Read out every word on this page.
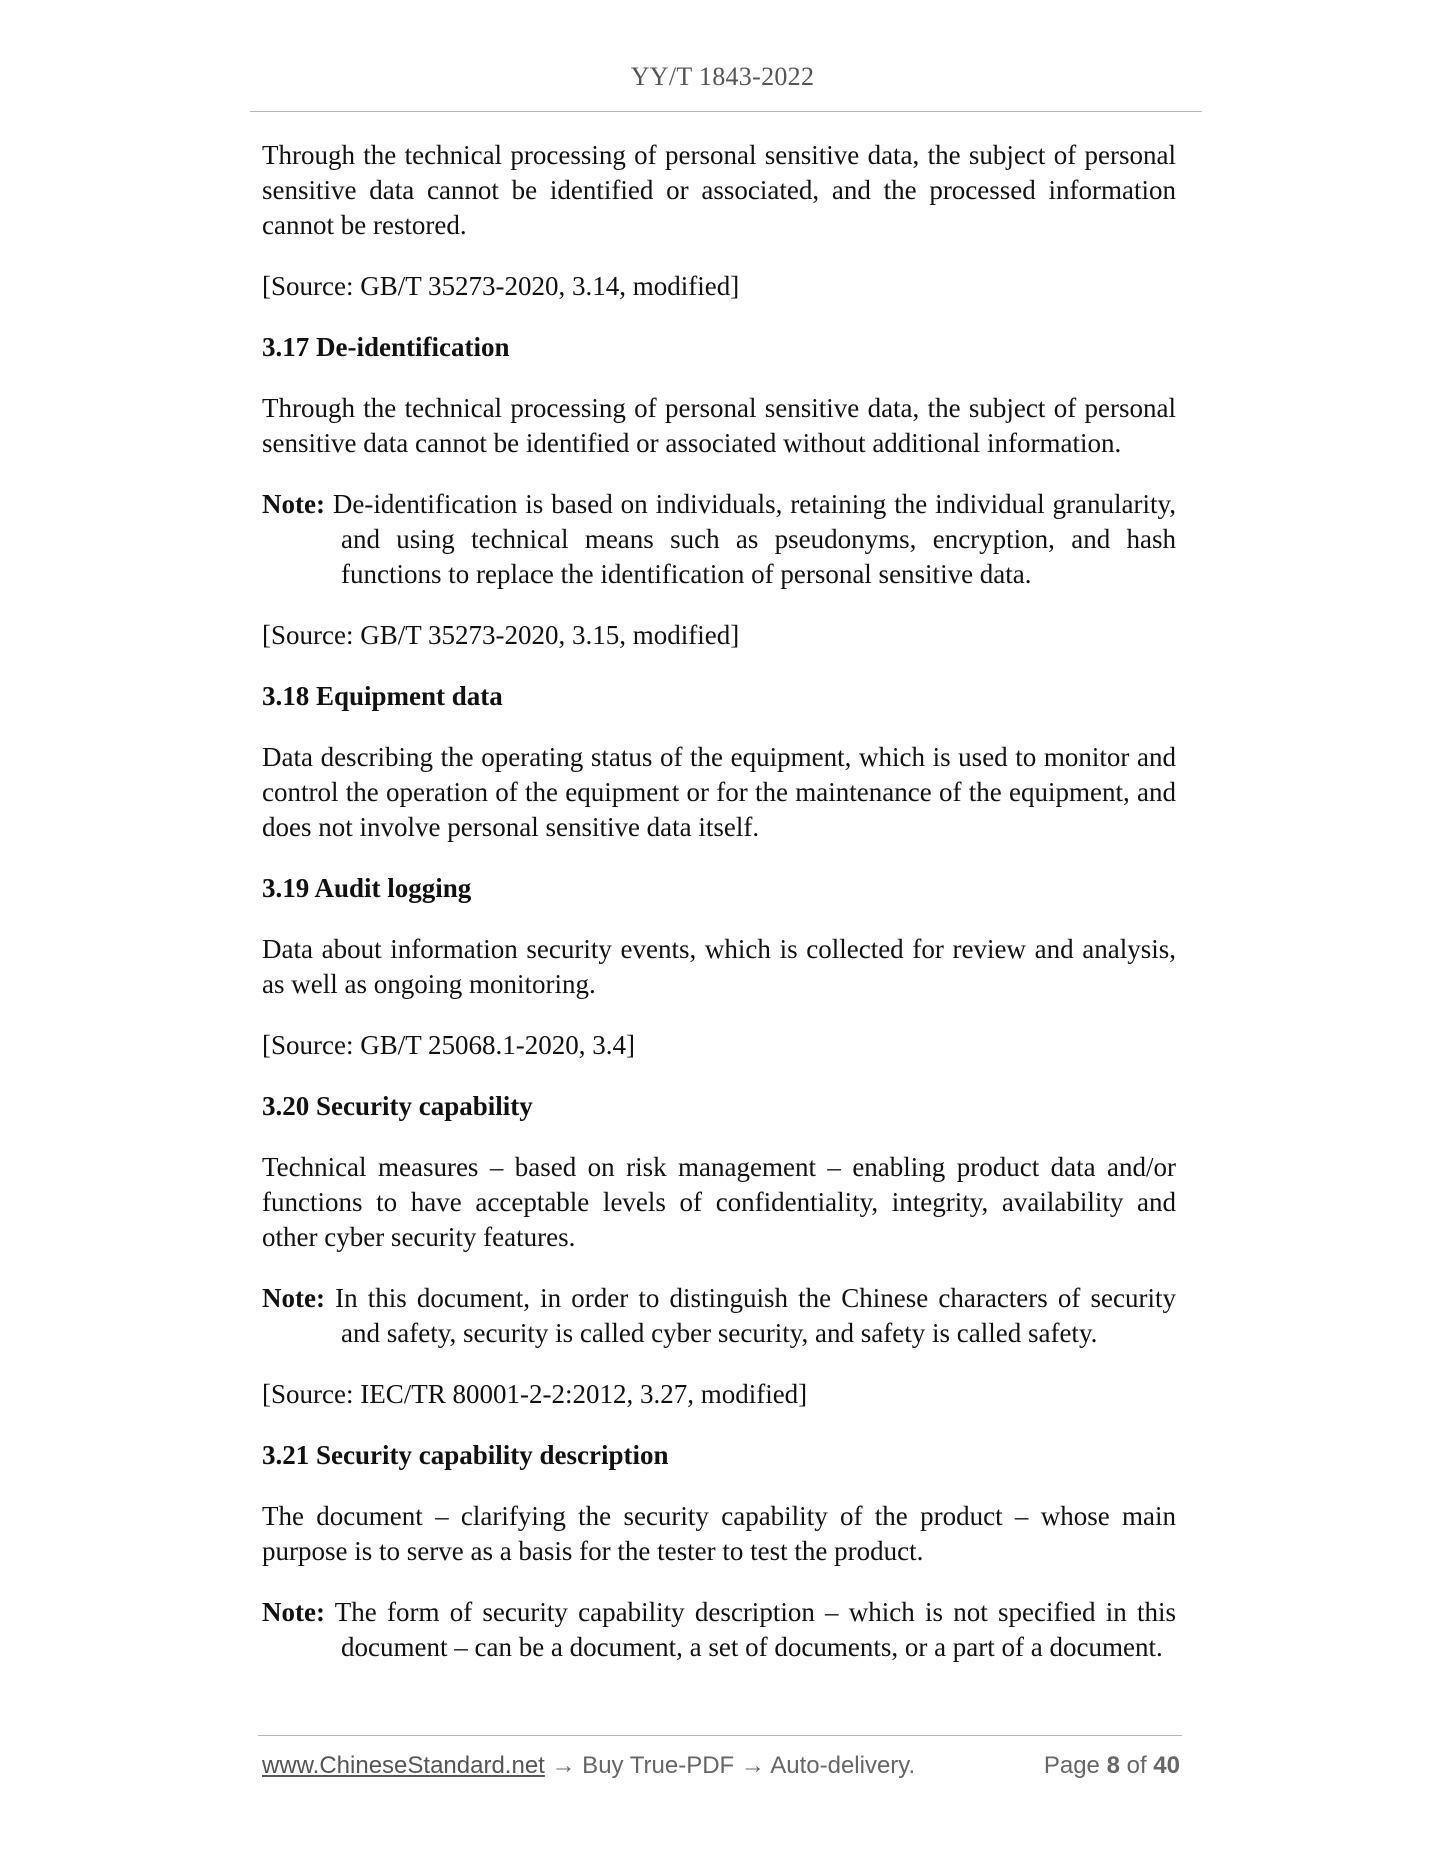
YY/T 1843-2022

Through the technical processing of personal sensitive data, the subject of personal sensitive data cannot be identified or associated, and the processed information cannot be restored.

[Source: GB/T 35273-2020, 3.14, modified]

3.17 De-identification

Through the technical processing of personal sensitive data, the subject of personal sensitive data cannot be identified or associated without additional information.

Note: De-identification is based on individuals, retaining the individual granularity, and using technical means such as pseudonyms, encryption, and hash functions to replace the identification of personal sensitive data.

[Source: GB/T 35273-2020, 3.15, modified]

3.18 Equipment data

Data describing the operating status of the equipment, which is used to monitor and control the operation of the equipment or for the maintenance of the equipment, and does not involve personal sensitive data itself.

3.19 Audit logging

Data about information security events, which is collected for review and analysis, as well as ongoing monitoring.

[Source: GB/T 25068.1-2020, 3.4]

3.20 Security capability

Technical measures – based on risk management – enabling product data and/or functions to have acceptable levels of confidentiality, integrity, availability and other cyber security features.

Note: In this document, in order to distinguish the Chinese characters of security and safety, security is called cyber security, and safety is called safety.

[Source: IEC/TR 80001-2-2:2012, 3.27, modified]

3.21 Security capability description

The document – clarifying the security capability of the product – whose main purpose is to serve as a basis for the tester to test the product.

Note: The form of security capability description – which is not specified in this document – can be a document, a set of documents, or a part of a document.

www.ChineseStandard.net → Buy True-PDF → Auto-delivery.	Page 8 of 40
